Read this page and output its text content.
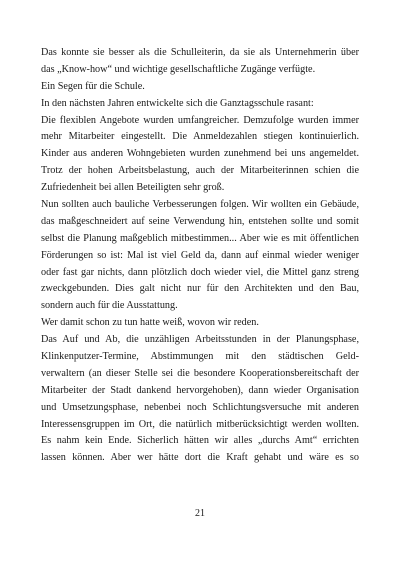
Das konnte sie besser als die Schulleiterin, da sie als Unternehmerin über
das „Know-how“ und wichtige gesellschaftliche Zugänge verfügte.
Ein Segen für die Schule.
In den nächsten Jahren entwickelte sich die Ganztagsschule rasant:
Die flexiblen Angebote wurden umfangreicher. Demzufolge wurden immer
mehr Mitarbeiter eingestellt. Die Anmeldezahlen stiegen kontinuierlich.
Kinder aus anderen Wohngebieten wurden zunehmend bei uns angemeldet.
Trotz der hohen Arbeitsbelastung, auch der Mitarbeiterinnen schien die
Zufriedenheit bei allen Beteiligten sehr groß.
Nun sollten auch bauliche Verbesserungen folgen. Wir wollten ein Gebäude,
das maßgeschneidert auf seine Verwendung hin, entstehen sollte und somit
selbst die Planung maßgeblich mitbestimmen... Aber wie es mit öffentlichen
Förderungen so ist: Mal ist viel Geld da, dann auf einmal wieder weniger
oder fast gar nichts, dann plötzlich doch wieder viel, die Mittel ganz streng
zweckgebunden. Dies galt nicht nur für den Architekten und den Bau,
sondern auch für die Ausstattung.
Wer damit schon zu tun hatte weiß, wovon wir reden.
Das Auf und Ab, die unzähligen Arbeitsstunden in der Planungsphase,
Klinkenputzer-Termine, Abstimmungen mit den städtischen Geld-
verwaltern (an dieser Stelle sei die besondere Kooperationsbereitschaft der
Mitarbeiter der Stadt dankend hervorgehoben), dann wieder Organisation
und Umsetzungsphase, nebenbei noch Schlichtungsversuche mit anderen
Interessensgruppen im Ort, die natürlich mitberücksichtigt werden wollten.
Es nahm kein Ende. Sicherlich hätten wir alles „durchs Amt“ errichten
lassen können. Aber wer hätte dort die Kraft gehabt und wäre es so
21
